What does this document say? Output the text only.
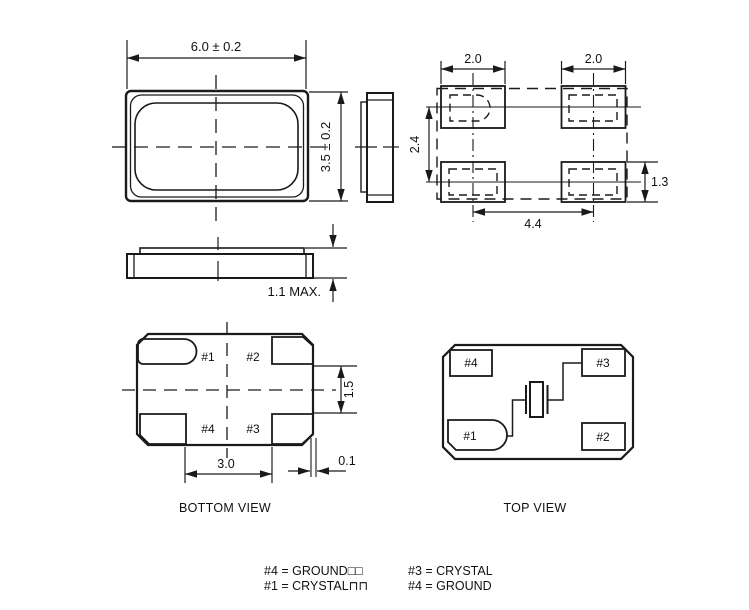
6.0 ± 0.2
3.5 ± 0.2
1.1 MAX.
2.0	2.0
2.4
4.4
1.3
#1	#2
#4	#3
1.5
3.0	0.1
BOTTOM VIEW
#4	#3
#1	#2
TOP VIEW
#4 = GROUND□□	#3 = CRYSTAL
#1 = CRYSTAL⊓⊓	#4 = GROUND
